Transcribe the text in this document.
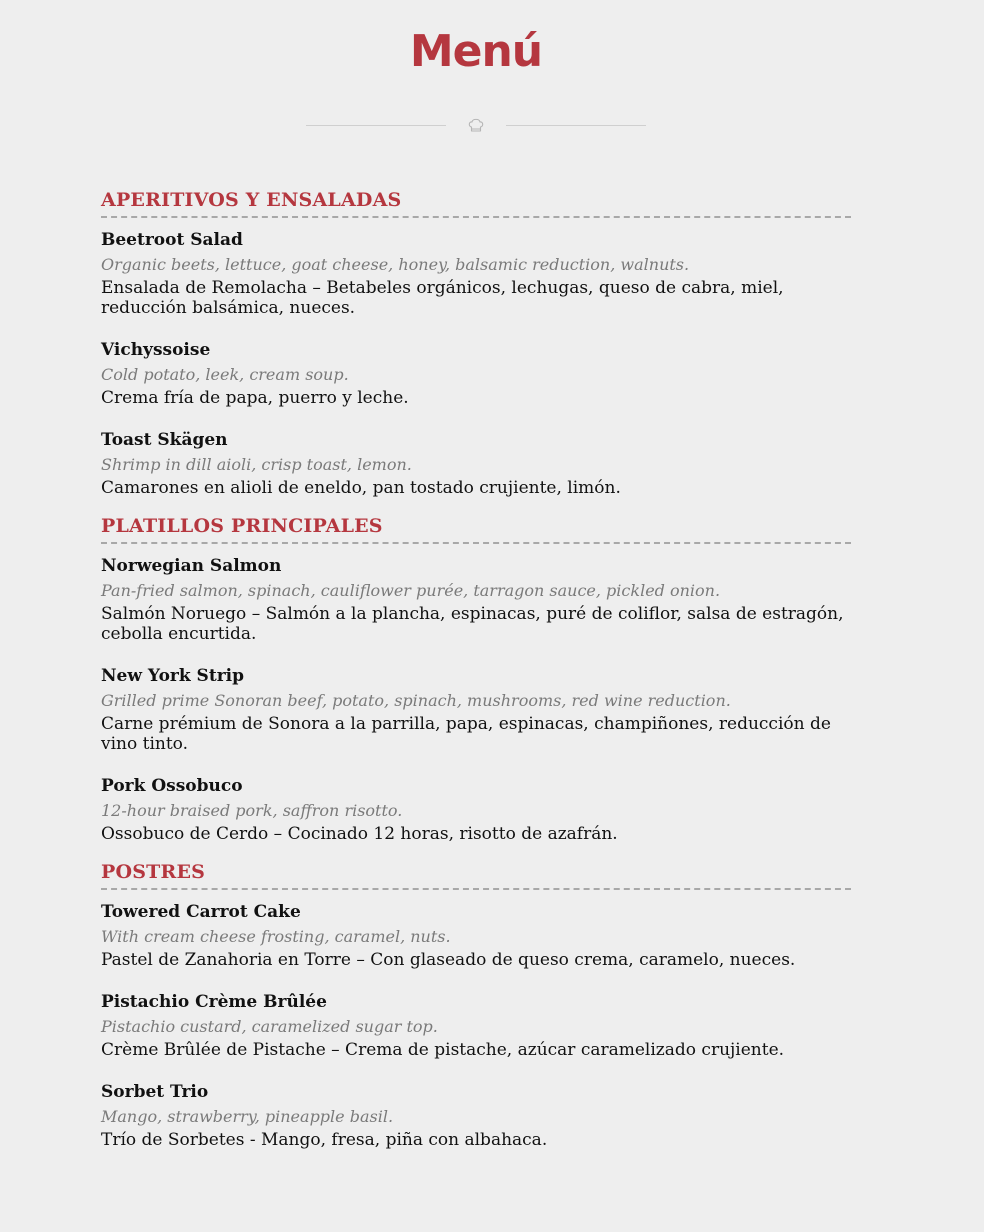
Menú
APERITIVOS Y ENSALADAS

Beetroot Salad

Organic beets, lettuce, goat cheese, honey, balsamic reduction, walnuts.

Ensalada de Remolacha – Betabeles orgánicos, lechugas, queso de cabra, miel, reducción balsámica, nueces.

Vichyssoise

Cold potato, leek, cream soup.

Crema fría de papa, puerro y leche.

Toast Skägen

Shrimp in dill aioli, crisp toast, lemon.

Camarones en alioli de eneldo, pan tostado crujiente, limón.

PLATILLOS PRINCIPALES

Norwegian Salmon

Pan-fried salmon, spinach, cauliflower purée, tarragon sauce, pickled onion.

Salmón Noruego – Salmón a la plancha, espinacas, puré de coliflor, salsa de estragón, cebolla encurtida.

New York Strip

Grilled prime Sonoran beef, potato, spinach, mushrooms, red wine reduction.

Carne prémium de Sonora a la parrilla, papa, espinacas, champiñones, reducción de vino tinto.

Pork Ossobuco

12-hour braised pork, saffron risotto.

Ossobuco de Cerdo – Cocinado 12 horas, risotto de azafrán.

POSTRES

Towered Carrot Cake

With cream cheese frosting, caramel, nuts.

Pastel de Zanahoria en Torre – Con glaseado de queso crema, caramelo, nueces.

Pistachio Crème Brûlée

Pistachio custard, caramelized sugar top.

Crème Brûlée de Pistache – Crema de pistache, azúcar caramelizado crujiente.

Sorbet Trio

Mango, strawberry, pineapple basil.

Trío de Sorbetes - Mango, fresa, piña con albahaca.
